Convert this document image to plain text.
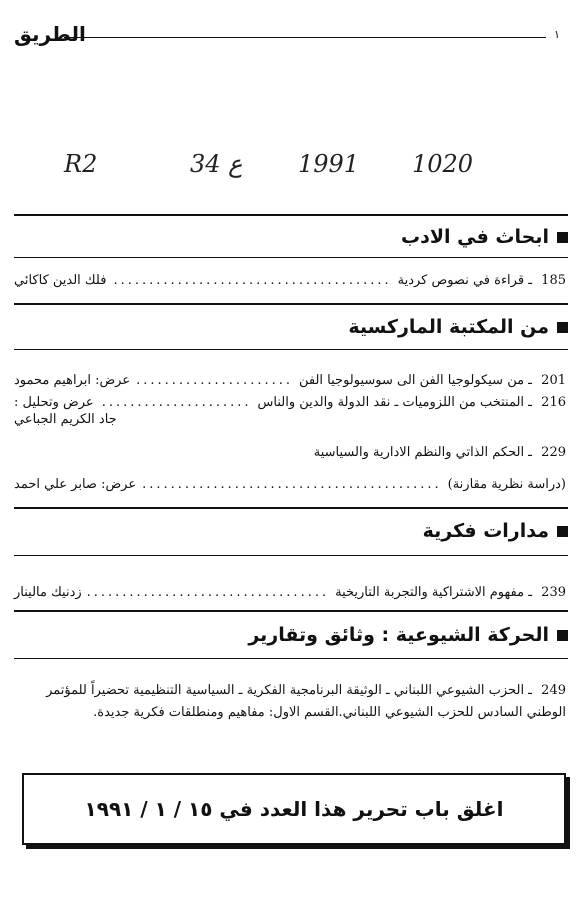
١
الطريق
R2	34 ع 1991 1020
ابحاث في الادب
185
ـ قراءة في نصوص كردية
.....
فلك الدين كاكائي
من المكتبة الماركسية
201
ـ من سيكولوجيا الفن الى سوسيولوجيا الفن
.....
عرض: ابراهيم محمود
216
ـ المنتخب من اللزوميات ـ نقد الدولة والدين والناس
.....
عرض وتحليل :
جاد الكريم الجباعي
229
ـ الحكم الذاتي والنظم الادارية والسياسية
(دراسة نظرية مقارنة)
.....
عرض: صابر علي احمد
مدارات فكرية
239
ـ مفهوم الاشتراكية والتجربة التاريخية
.....
زدنيك مالينار
الحركة الشيوعية : وثائق وتقارير
249
ـ الحزب الشيوعي اللبناني ـ الوثيقة البرنامجية الفكرية ـ السياسية التنظيمية تحضيراً للمؤتمر
الوطني السادس للحزب الشيوعي اللبناني.القسم الاول: مفاهيم ومنطلقات فكرية جديدة.
اغلق باب تحرير هذا العدد في ١٥ / ١ / ١٩٩١
